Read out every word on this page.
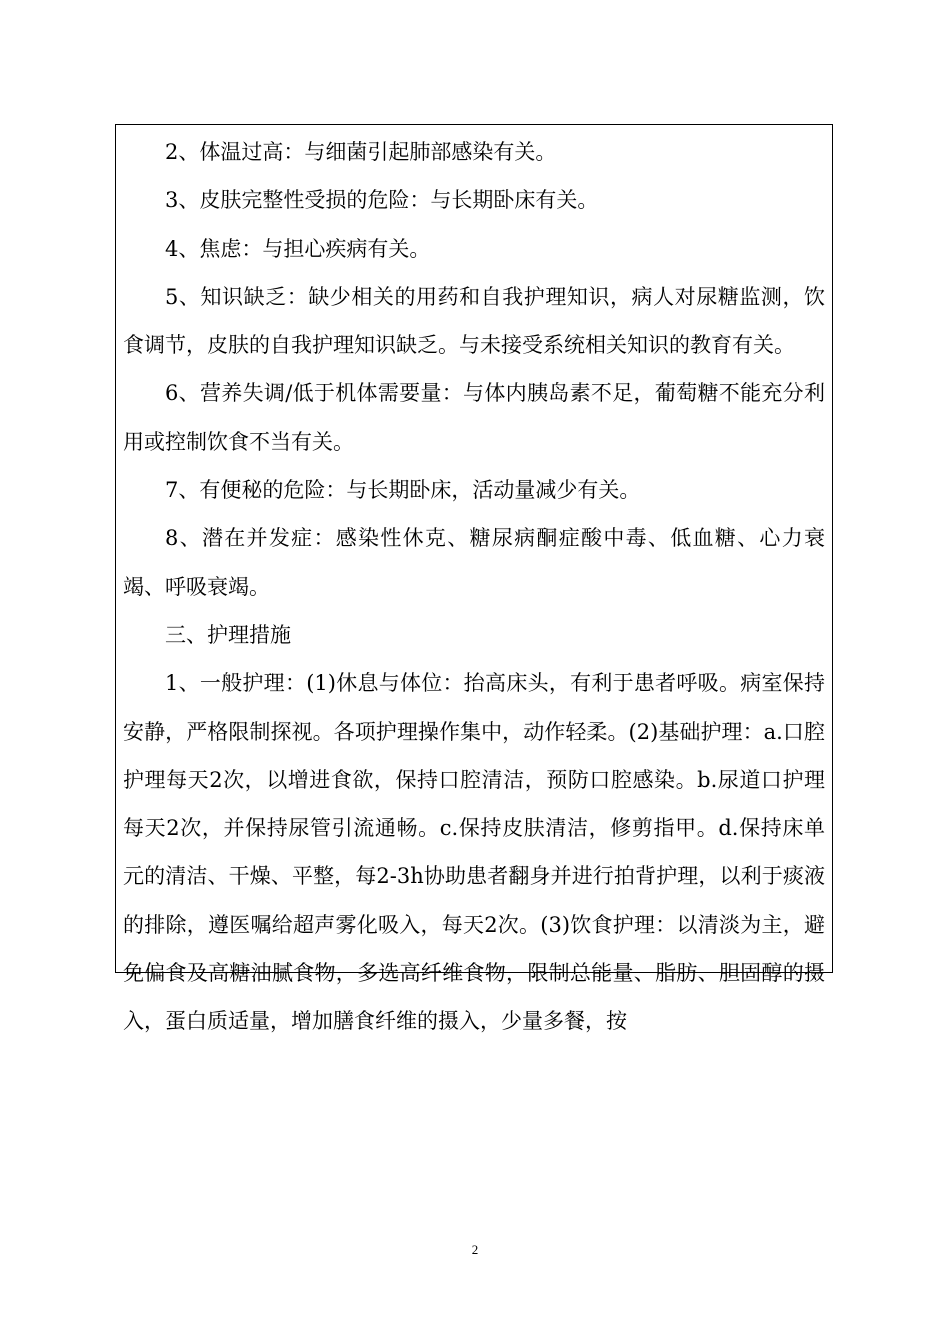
2、体温过高：与细菌引起肺部感染有关。

3、皮肤完整性受损的危险：与长期卧床有关。

4、焦虑：与担心疾病有关。

5、知识缺乏：缺少相关的用药和自我护理知识，病人对尿糖监测，饮食调节，皮肤的自我护理知识缺乏。与未接受系统相关知识的教育有关。

6、营养失调/低于机体需要量：与体内胰岛素不足，葡萄糖不能充分利用或控制饮食不当有关。

7、有便秘的危险：与长期卧床，活动量减少有关。

8、潜在并发症：感染性休克、糖尿病酮症酸中毒、低血糖、心力衰竭、呼吸衰竭。

三、护理措施

1、一般护理：(1)休息与体位：抬高床头，有利于患者呼吸。病室保持安静，严格限制探视。各项护理操作集中，动作轻柔。(2)基础护理：a.口腔护理每天2次，以增进食欲，保持口腔清洁，预防口腔感染。b.尿道口护理每天2次，并保持尿管引流通畅。c.保持皮肤清洁，修剪指甲。d.保持床单元的清洁、干燥、平整，每2-3h协助患者翻身并进行拍背护理，以利于痰液的排除，遵医嘱给超声雾化吸入，每天2次。(3)饮食护理：以清淡为主，避免偏食及高糖油腻食物，多选高纤维食物，限制总能量、脂肪、胆固醇的摄入，蛋白质适量，增加膳食纤维的摄入，少量多餐，按

2
